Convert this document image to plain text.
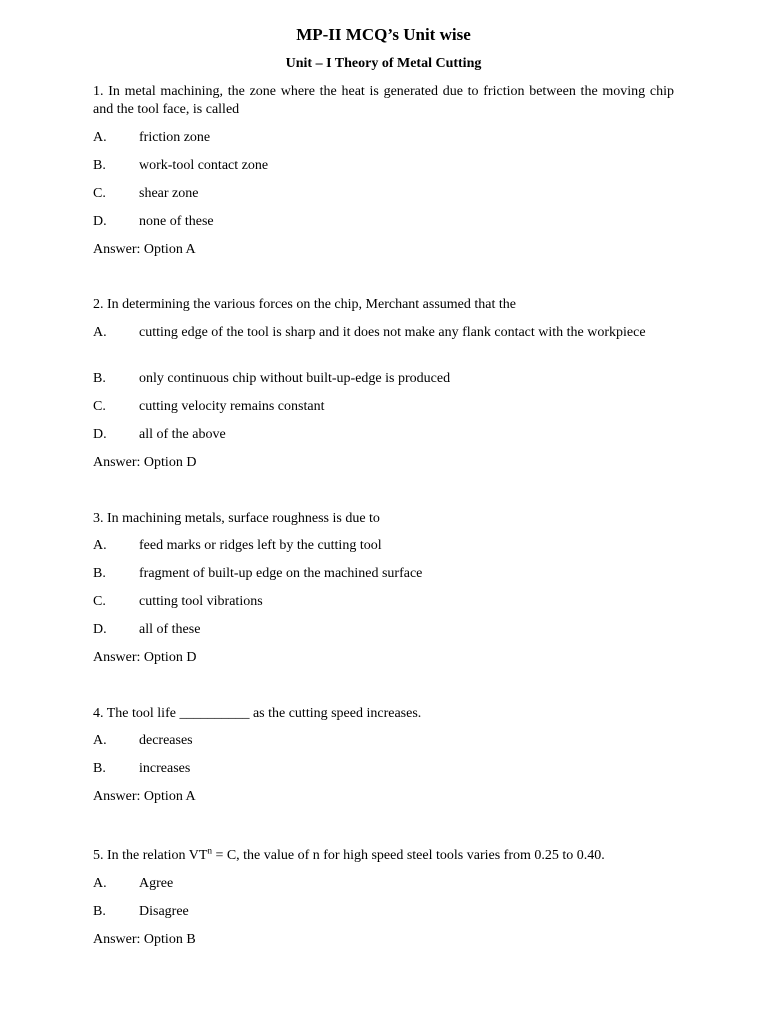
MP-II MCQ’s Unit wise
Unit – I Theory of Metal Cutting
1. In metal machining, the zone where the heat is generated due to friction between the moving chip and the tool face, is called
A. friction zone
B. work-tool contact zone
C. shear zone
D. none of these
Answer: Option A
2. In determining the various forces on the chip, Merchant assumed that the
A. cutting edge of the tool is sharp and it does not make any flank contact with the workpiece
B. only continuous chip without built-up-edge is produced
C. cutting velocity remains constant
D. all of the above
Answer: Option D
3. In machining metals, surface roughness is due to
A. feed marks or ridges left by the cutting tool
B. fragment of built-up edge on the machined surface
C. cutting tool vibrations
D. all of these
Answer: Option D
4. The tool life __________ as the cutting speed increases.
A. decreases
B. increases
Answer: Option A
5. In the relation $VT^n = C$, the value of n for high speed steel tools varies from 0.25 to 0.40.
A. Agree
B. Disagree
Answer: Option B
